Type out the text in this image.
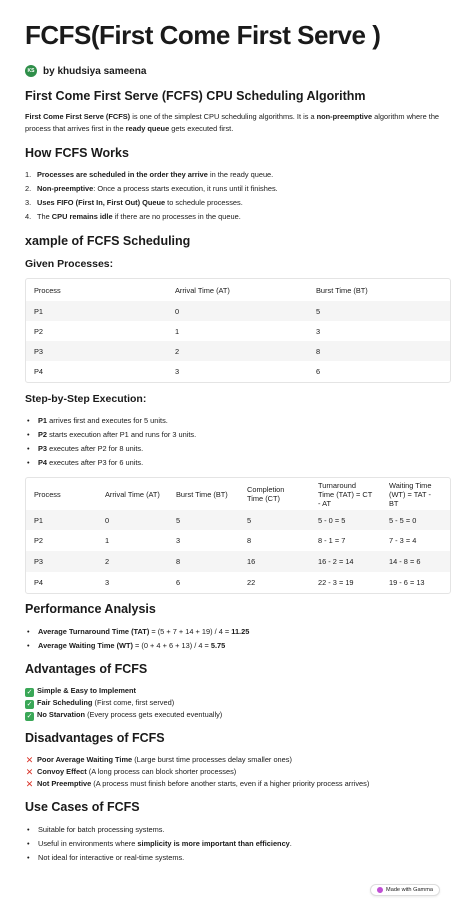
FCFS(First Come First Serve )
KS by khudsiya sameena
First Come First Serve (FCFS) CPU Scheduling Algorithm
First Come First Serve (FCFS) is one of the simplest CPU scheduling algorithms. It is a non-preemptive algorithm where the process that arrives first in the ready queue gets executed first.
How FCFS Works
1. Processes are scheduled in the order they arrive in the ready queue.
2. Non-preemptive: Once a process starts execution, it runs until it finishes.
3. Uses FIFO (First In, First Out) Queue to schedule processes.
4. The CPU remains idle if there are no processes in the queue.
xample of FCFS Scheduling
Given Processes:
Process	Arrival Time (AT)	Burst Time (BT)
P1	0	5
P2	1	3
P3	2	8
P4	3	6
Step-by-Step Execution:
• P1 arrives first and executes for 5 units.
• P2 starts execution after P1 and runs for 3 units.
• P3 executes after P2 for 8 units.
• P4 executes after P3 for 6 units.
Process	Arrival Time (AT)	Burst Time (BT)	Completion Time (CT)	Turnaround Time (TAT) = CT - AT	Waiting Time (WT) = TAT - BT
P1	0	5	5	5 - 0 = 5	5 - 5 = 0
P2	1	3	8	8 - 1 = 7	7 - 3 = 4
P3	2	8	16	16 - 2 = 14	14 - 8 = 6
P4	3	6	22	22 - 3 = 19	19 - 6 = 13
Performance Analysis
• Average Turnaround Time (TAT) = (5 + 7 + 14 + 19) / 4 = 11.25
• Average Waiting Time (WT) = (0 + 4 + 6 + 13) / 4 = 5.75
Advantages of FCFS
✓ Simple & Easy to Implement
✓ Fair Scheduling (First come, first served)
✓ No Starvation (Every process gets executed eventually)
Disadvantages of FCFS
✕ Poor Average Waiting Time (Large burst time processes delay smaller ones)
✕ Convoy Effect (A long process can block shorter processes)
✕ Not Preemptive (A process must finish before another starts, even if a higher priority process arrives)
Use Cases of FCFS
• Suitable for batch processing systems.
• Useful in environments where simplicity is more important than efficiency.
• Not ideal for interactive or real-time systems.
Made with Gamma
